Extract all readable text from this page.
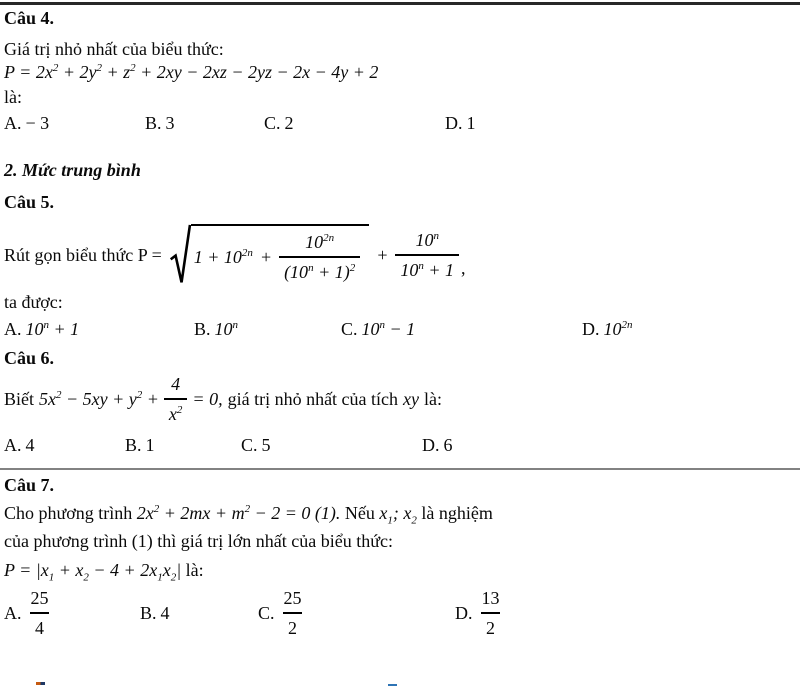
Câu 4.
Giá trị nhỏ nhất của biểu thức:
$P = 2x^2 + 2y^2 + z^2 + 2xy - 2xz - 2yz - 2x - 4y + 2$
là:
A. − 3	B. 3	C. 2	D. 1
2. Mức trung bình
Câu 5.
Rút gọn biểu thức $P = 1 + 10^{2n} + \frac{10^{2n}}{(10^n + 1)^2} + \frac{10^n}{10^n + 1}$ ,
ta được:
A. $10^n + 1$	B. 10$^n$	C. $10^n - 1$	D. $10^{2n}$
Câu 6.
Biết $5x^2 - 5xy + y^2 + \frac{4}{x^2} = 0$, giá trị nhỏ nhất của tích xy là:
A. 4	B. 1	C. 5	D. 6
Câu 7.
Cho phương trình $2x^2 + 2mx + m^2 - 2 = 0$ (1). Nếu $x_1$; $x_2$ là nghiệm
của phương trình (1) thì giá trị lớn nhất của biểu thức:
$P = |x_1 + x_2 - 4 + 2x_1x_2|$ là:
A. $\frac{25}{4}$	B. 4	C. $\frac{25}{2}$	D. $\frac{13}{2}$
